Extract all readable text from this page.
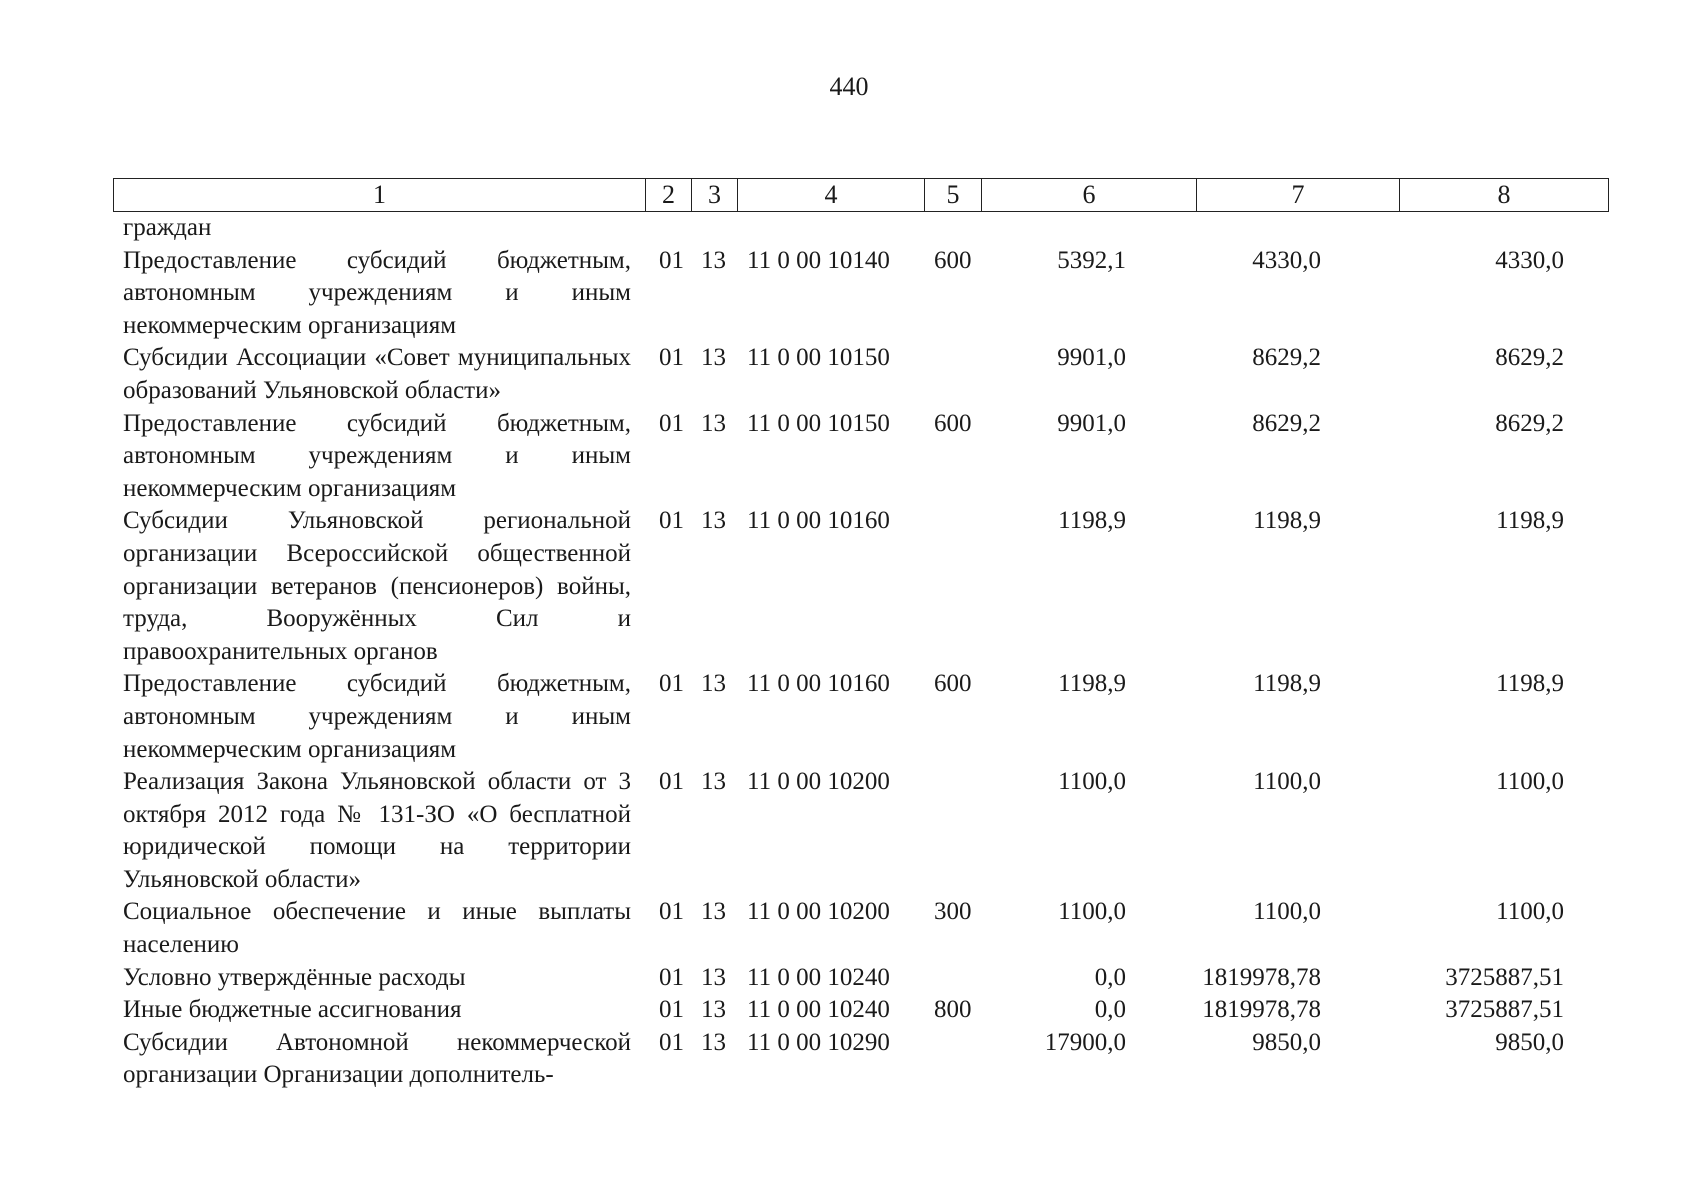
440
1	2	3	4	5	6	7	8
граждан							
Предоставление субсидий бюджетным, автономным учреждениям и иным некоммерческим организациям	01	13	11 0 00 10140	600	5392,1	4330,0	4330,0
Субсидии Ассоциации «Совет муниципальных образований Ульяновской области»	01	13	11 0 00 10150		9901,0	8629,2	8629,2
Предоставление субсидий бюджетным, автономным учреждениям и иным некоммерческим организациям	01	13	11 0 00 10150	600	9901,0	8629,2	8629,2
Субсидии Ульяновской региональной организации Всероссийской общественной организации ветеранов (пенсионеров) войны, труда, Вооружённых Сил и правоохранительных органов	01	13	11 0 00 10160		1198,9	1198,9	1198,9
Предоставление субсидий бюджетным, автономным учреждениям и иным некоммерческим организациям	01	13	11 0 00 10160	600	1198,9	1198,9	1198,9
Реализация Закона Ульяновской области от 3 октября 2012 года № 131-ЗО «О бесплатной юридической помощи на территории Ульяновской области»	01	13	11 0 00 10200		1100,0	1100,0	1100,0
Социальное обеспечение и иные выплаты населению	01	13	11 0 00 10200	300	1100,0	1100,0	1100,0
Условно утверждённые расходы	01	13	11 0 00 10240		0,0	1819978,78	3725887,51
Иные бюджетные ассигнования	01	13	11 0 00 10240	800	0,0	1819978,78	3725887,51
Субсидии Автономной некоммерческой организации Организации дополнитель-	01	13	11 0 00 10290		17900,0	9850,0	9850,0
